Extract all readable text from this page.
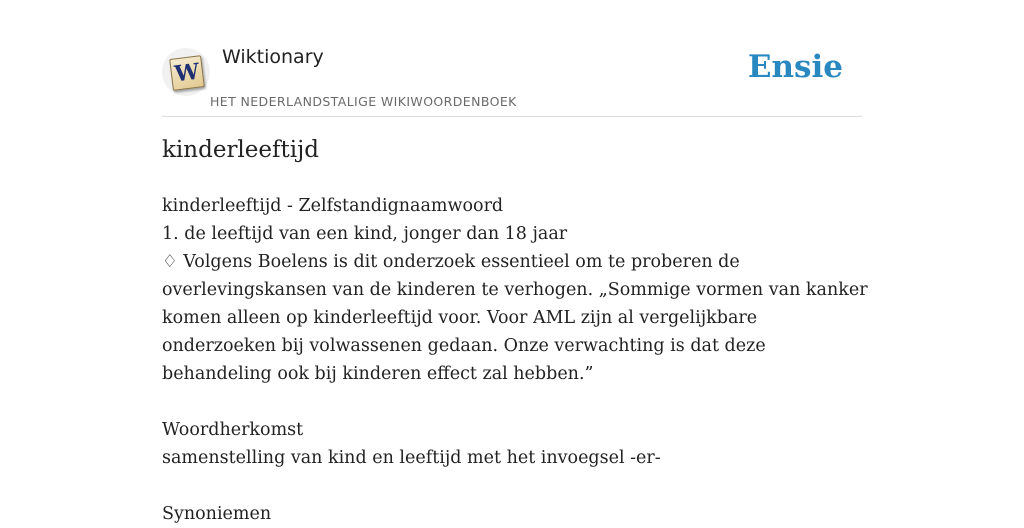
W
Wiktionary
HET NEDERLANDSTALIGE WIKIWOORDENBOEK
Ensie
kinderleeftijd
kinderleeftijd - Zelfstandignaamwoord
1. de leeftijd van een kind, jonger dan 18 jaar
♢ Volgens Boelens is dit onderzoek essentieel om te proberen de overlevingskansen van de kinderen te verhogen. „Sommige vormen van kanker komen alleen op kinderleeftijd voor. Voor AML zijn al vergelijkbare onderzoeken bij volwassenen gedaan. Onze verwachting is dat deze behandeling ook bij kinderen effect zal hebben.”
Woordherkomst
samenstelling van kind en leeftijd met het invoegsel -er-
Synoniemen
